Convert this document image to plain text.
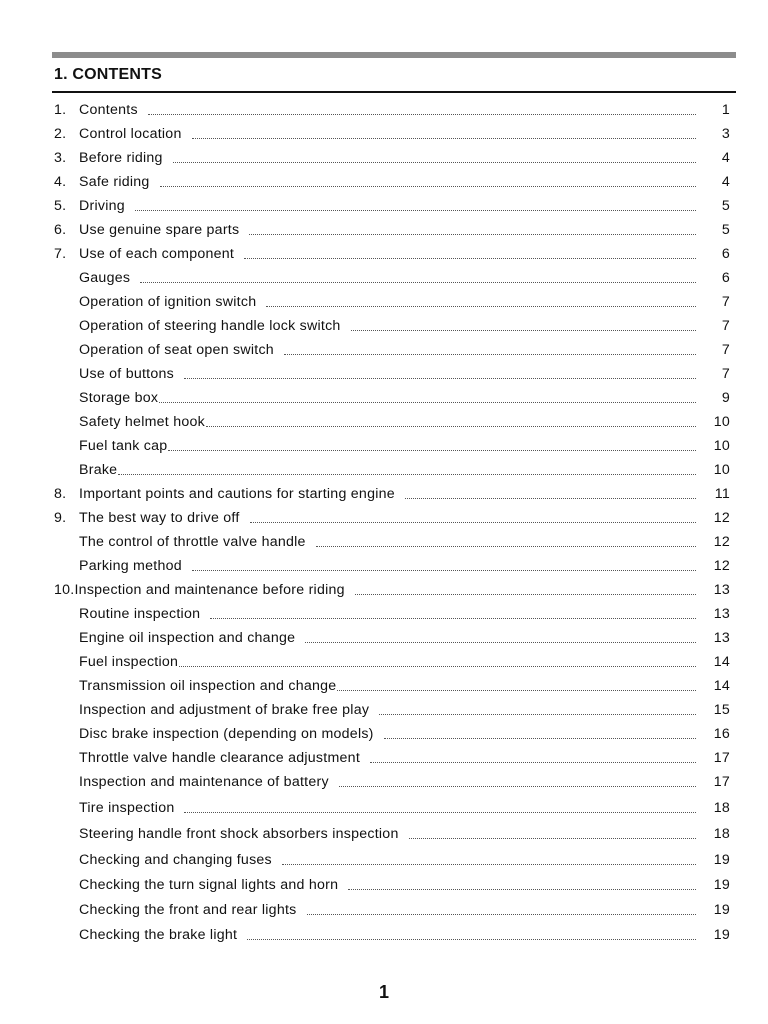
1. CONTENTS
1. Contents	1
2. Control location	3
3. Before riding	4
4. Safe riding	4
5. Driving	5
6. Use genuine spare parts	5
7. Use of each component	6
Gauges	6
Operation of ignition switch	7
Operation of steering handle lock switch	7
Operation of seat open switch	7
Use of buttons	7
Storage box	9
Safety helmet hook	10
Fuel tank cap	10
Brake	10
8. Important points and cautions for starting engine	11
9. The best way to drive off	12
The control of throttle valve handle	12
Parking method	12
10. Inspection and maintenance before riding	13
Routine inspection	13
Engine oil inspection and change	13
Fuel inspection	14
Transmission oil inspection and change	14
Inspection and adjustment of brake free play	15
Disc brake inspection (depending on models)	16
Throttle valve handle clearance adjustment	17
Inspection and maintenance of battery	17
Tire inspection	18
Steering handle front shock absorbers inspection	18
Checking and changing fuses	19
Checking the turn signal lights and horn	19
Checking the front and rear lights	19
Checking the brake light	19
1
